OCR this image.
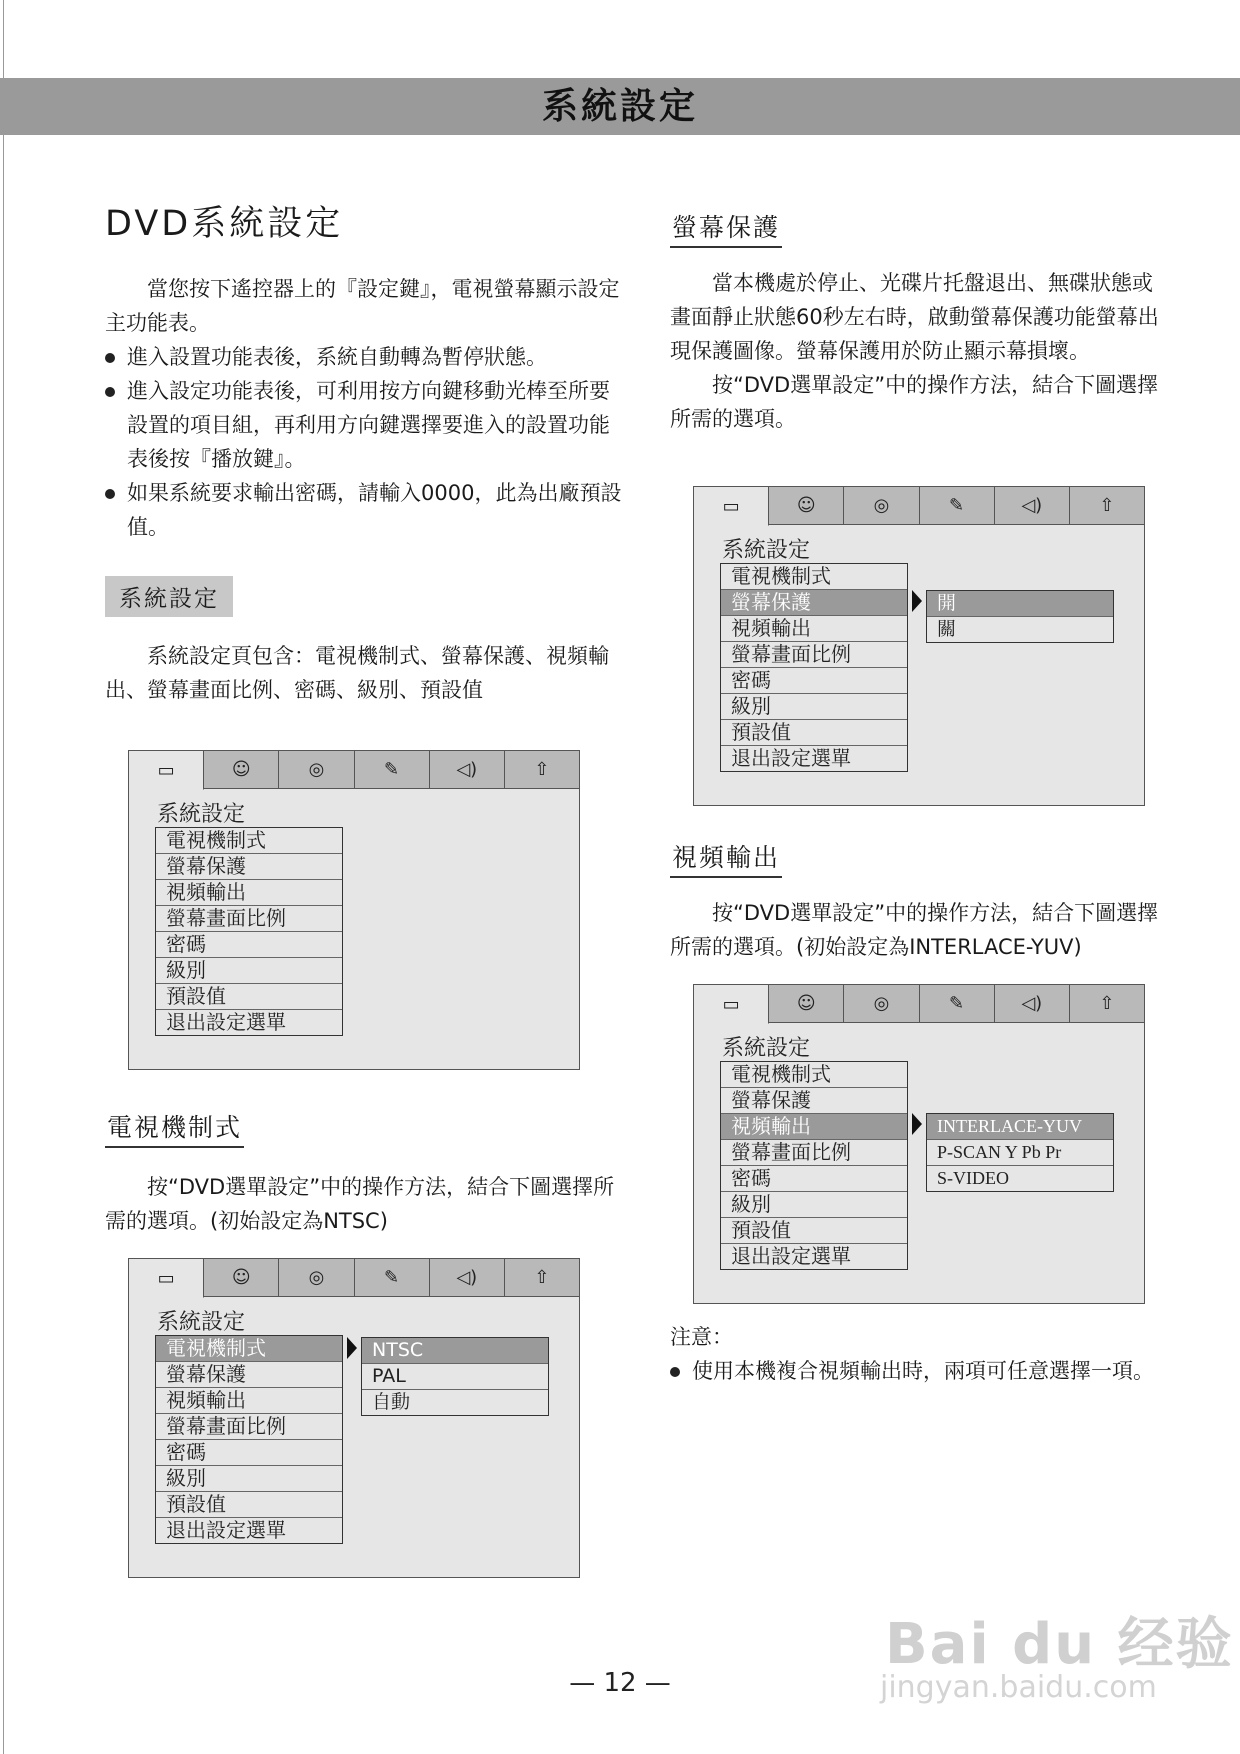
系統設定
DVD系統設定

當您按下遙控器上的『設定鍵』，電視螢幕顯示設定主功能表。

進入設置功能表後，系統自動轉為暫停狀態。
進入設定功能表後，可利用按方向鍵移動光棒至所要設置的項目組，再利用方向鍵選擇要進入的設置功能表後按『播放鍵』。
如果系統要求輸出密碼，請輸入0000，此為出廠預設值。
系統設定

系統設定頁包含：電視機制式、螢幕保護、視頻輸出、螢幕畫面比例、密碼、級別、預設值

▭	☺	◎	✎	◁)	⇧
系統設定
電視機制式
螢幕保護
視頻輸出
螢幕畫面比例
密碼
級別
預設值
退出設定選單
電視機制式

按“DVD選單設定”中的操作方法，結合下圖選擇所需的選項。(初始設定為NTSC)

▭	☺	◎	✎	◁)	⇧
系統設定
電視機制式
螢幕保護
視頻輸出
螢幕畫面比例
密碼
級別
預設值
退出設定選單
NTSC
PAL
自動
螢幕保護

當本機處於停止、光碟片托盤退出、無碟狀態或畫面靜止狀態60秒左右時，啟動螢幕保護功能螢幕出現保護圖像。螢幕保護用於防止顯示幕損壞。

按“DVD選單設定”中的操作方法，結合下圖選擇所需的選項。

▭	☺	◎	✎	◁)	⇧
系統設定
電視機制式
螢幕保護
視頻輸出
螢幕畫面比例
密碼
級別
預設值
退出設定選單
開
關
視頻輸出

按“DVD選單設定”中的操作方法，結合下圖選擇所需的選項。(初始設定為INTERLACE-YUV)

▭	☺	◎	✎	◁)	⇧
系統設定
電視機制式
螢幕保護
視頻輸出
螢幕畫面比例
密碼
級別
預設值
退出設定選單
INTERLACE-YUV
P-SCAN Y Pb Pr
S-VIDEO
注意：
使用本機複合視頻輸出時，兩項可任意選擇一項。
— 12 —
Bai du 经验
jingyan.baidu.com
